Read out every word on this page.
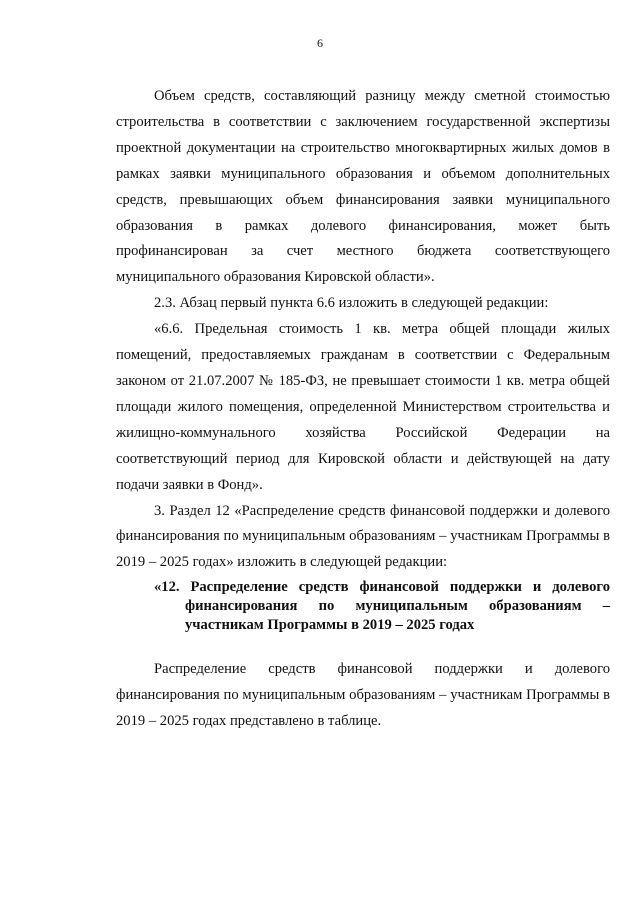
6

Объем средств, составляющий разницу между сметной стоимостью строительства в соответствии с заключением государственной экспертизы проектной документации на строительство многоквартирных жилых домов в рамках заявки муниципального образования и объемом дополнительных средств, превышающих объем финансирования заявки муниципального образования в рамках долевого финансирования, может быть профинансирован за счет местного бюджета соответствующего муниципального образования Кировской области».

2.3. Абзац первый пункта 6.6 изложить в следующей редакции:

«6.6. Предельная стоимость 1 кв. метра общей площади жилых помещений, предоставляемых гражданам в соответствии с Федеральным законом от 21.07.2007 № 185-ФЗ, не превышает стоимости 1 кв. метра общей площади жилого помещения, определенной Министерством строительства и жилищно-коммунального хозяйства Российской Федерации на соответствующий период для Кировской области и действующей на дату подачи заявки в Фонд».

3. Раздел 12 «Распределение средств финансовой поддержки и долевого финансирования по муниципальным образованиям – участникам Программы в 2019 – 2025 годах» изложить в следующей редакции:

«12. Распределение средств финансовой поддержки и долевого финансирования по муниципальным образованиям – участникам Программы в 2019 – 2025 годах

Распределение средств финансовой поддержки и долевого финансирования по муниципальным образованиям – участникам Программы в 2019 – 2025 годах представлено в таблице.
